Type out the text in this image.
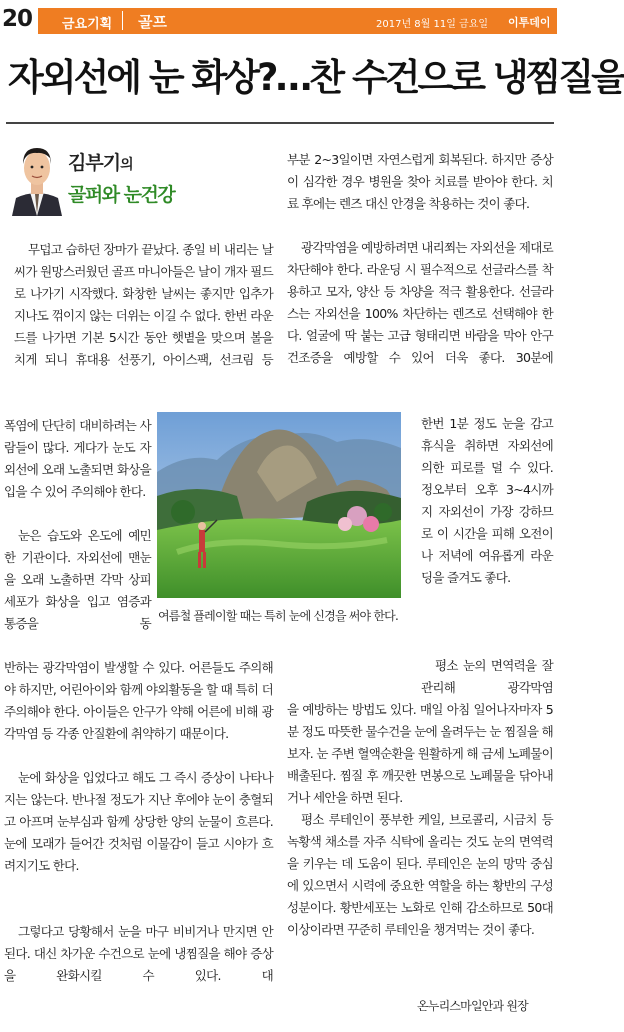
20 금요기획 골프	2017년 8월 11일 금요일 이투데이
자외선에 눈 화상?…찬 수건으로 냉찜질을
김부기의
골퍼와 눈건강

무덥고 습하던 장마가 끝났다. 종일 비 내리는 날씨가 원망스러웠던 골프 마니아들은 날이 개자 필드로 나가기 시작했다. 화창한 날씨는 좋지만 입추가 지나도 꺾이지 않는 더위는 이길 수 없다. 한번 라운드를 나가면 기본 5시간 동안 햇볕을 맞으며 볼을 치게 되니 휴대용 선풍기, 아이스팩, 선크림 등

폭염에 단단히 대비하려는 사람들이 많다. 게다가 눈도 자외선에 오래 노출되면 화상을 입을 수 있어 주의해야 한다.

눈은 습도와 온도에 예민한 기관이다. 자외선에 맨눈을 오래 노출하면 각막 상피세포가 화상을 입고 염증과 통증을 동

반하는 광각막염이 발생할 수 있다. 어른들도 주의해야 하지만, 어린아이와 함께 야외활동을 할 때 특히 더 주의해야 한다. 아이들은 안구가 약해 어른에 비해 광각막염 등 각종 안질환에 취약하기 때문이다.

눈에 화상을 입었다고 해도 그 즉시 증상이 나타나지는 않는다. 반나절 정도가 지난 후에야 눈이 충혈되고 아프며 눈부심과 함께 상당한 양의 눈물이 흐른다. 눈에 모래가 들어간 것처럼 이물감이 들고 시야가 흐려지기도 한다.

그렇다고 당황해서 눈을 마구 비비거나 만지면 안 된다. 대신 차가운 수건으로 눈에 냉찜질을 해야 증상을 완화시킬 수 있다. 대

부분 2~3일이면 자연스럽게 회복된다. 하지만 증상이 심각한 경우 병원을 찾아 치료를 받아야 한다. 치료 후에는 렌즈 대신 안경을 착용하는 것이 좋다.

광각막염을 예방하려면 내리쬐는 자외선을 제대로 차단해야 한다. 라운딩 시 필수적으로 선글라스를 착용하고 모자, 양산 등 차양을 적극 활용한다. 선글라스는 자외선을 100% 차단하는 렌즈로 선택해야 한다. 얼굴에 딱 붙는 고급 형태리면 바람을 막아 안구 건조증을 예방할 수 있어 더욱 좋다. 30분에

한번 1분 정도 눈을 감고 휴식을 취하면 자외선에 의한 피로를 덜 수 있다. 정오부터 오후 3~4시까지 자외선이 가장 강하므로 이 시간을 피해 오전이나 저녁에 여유롭게 라운딩을 즐겨도 좋다.

평소 눈의 면역력을 잘 관리해 광각막염

을 예방하는 방법도 있다. 매일 아침 일어나자마자 5분 정도 따뜻한 물수건을 눈에 올려두는 눈 찜질을 해보자. 눈 주변 혈액순환을 원활하게 해 금세 노폐물이 배출된다. 찜질 후 깨끗한 면봉으로 노폐물을 닦아내거나 세안을 하면 된다.

평소 루테인이 풍부한 케일, 브로콜리, 시금치 등 녹황색 채소를 자주 식탁에 올리는 것도 눈의 면역력을 키우는 데 도움이 된다. 루테인은 눈의 망막 중심에 있으면서 시력에 중요한 역할을 하는 황반의 구성 성분이다. 황반세포는 노화로 인해 감소하므로 50대 이상이라면 꾸준히 루테인을 챙겨먹는 것이 좋다.

온누리스마일안과 원장
여름철 플레이할 때는 특히 눈에 신경을 써야 한다.
